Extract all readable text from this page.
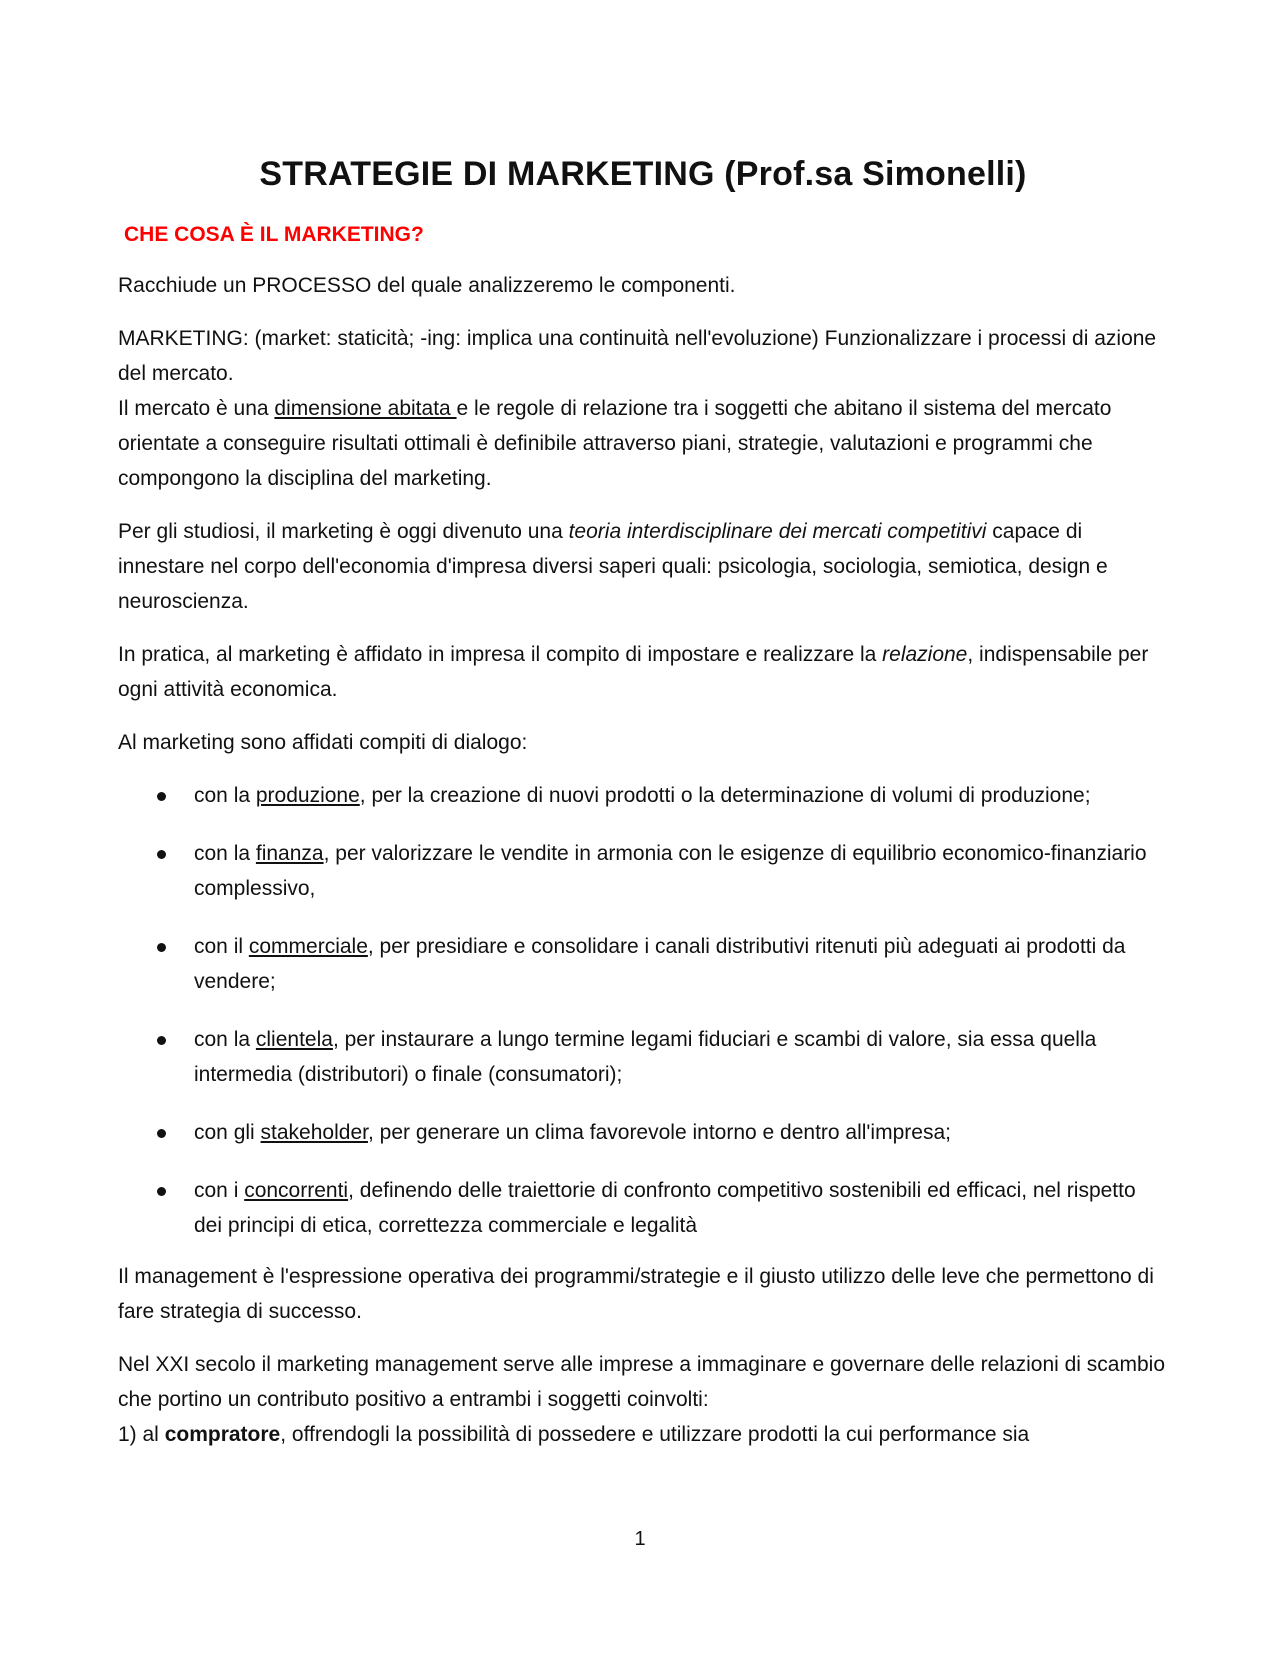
STRATEGIE DI MARKETING (Prof.sa Simonelli)
CHE COSA È IL MARKETING?

Racchiude un PROCESSO del quale analizzeremo le componenti.

MARKETING: (market: staticità; -ing: implica una continuità nell'evoluzione) Funzionalizzare i processi di azione del mercato.

Il mercato è una dimensione abitata e le regole di relazione tra i soggetti che abitano il sistema del mercato orientate a conseguire risultati ottimali è definibile attraverso piani, strategie, valutazioni e programmi che compongono la disciplina del marketing.

Per gli studiosi, il marketing è oggi divenuto una teoria interdisciplinare dei mercati competitivi capace di innestare nel corpo dell'economia d'impresa diversi saperi quali: psicologia, sociologia, semiotica, design e neuroscienza.

In pratica, al marketing è affidato in impresa il compito di impostare e realizzare la relazione, indispensabile per ogni attività economica.

Al marketing sono affidati compiti di dialogo:

con la produzione, per la creazione di nuovi prodotti o la determinazione di volumi di produzione;
con la finanza, per valorizzare le vendite in armonia con le esigenze di equilibrio economico-finanziario complessivo,
con il commerciale, per presidiare e consolidare i canali distributivi ritenuti più adeguati ai prodotti da vendere;
con la clientela, per instaurare a lungo termine legami fiduciari e scambi di valore, sia essa quella intermedia (distributori) o finale (consumatori);
con gli stakeholder, per generare un clima favorevole intorno e dentro all'impresa;
con i concorrenti, definendo delle traiettorie di confronto competitivo sostenibili ed efficaci, nel rispetto dei principi di etica, correttezza commerciale e legalità

Il management è l'espressione operativa dei programmi/strategie e il giusto utilizzo delle leve che permettono di fare strategia di successo.

Nel XXI secolo il marketing management serve alle imprese a immaginare e governare delle relazioni di scambio che portino un contributo positivo a entrambi i soggetti coinvolti:

1) al compratore, offrendogli la possibilità di possedere e utilizzare prodotti la cui performance sia

1
